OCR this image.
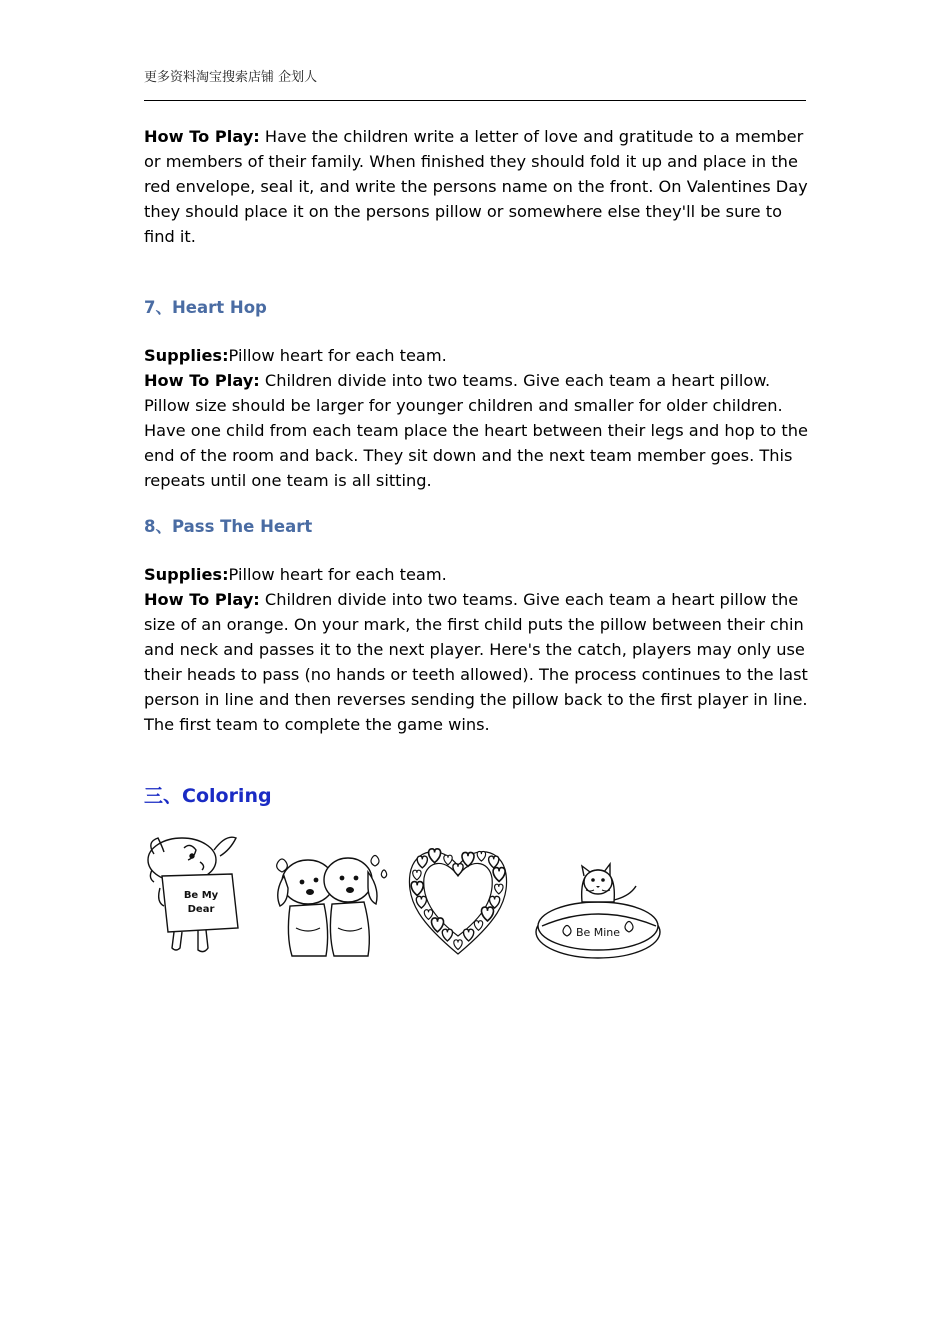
更多资料淘宝搜索店铺 企划人

How To Play: Have the children write a letter of love and gratitude to a member or members of their family. When finished they should fold it up and place in the red envelope, seal it, and write the persons name on the front. On Valentines Day they should place it on the persons pillow or somewhere else they'll be sure to find it.

7、Heart Hop

Supplies:Pillow heart for each team.
How To Play: Children divide into two teams. Give each team a heart pillow. Pillow size should be larger for younger children and smaller for older children. Have one child from each team place the heart between their legs and hop to the end of the room and back. They sit down and the next team member goes. This repeats until one team is all sitting.

8、Pass The Heart

Supplies:Pillow heart for each team.
How To Play: Children divide into two teams. Give each team a heart pillow the size of an orange. On your mark, the first child puts the pillow between their chin and neck and passes it to the next player. Here's the catch, players may only use their heads to pass (no hands or teeth allowed). The process continues to the last person in line and then reverses sending the pillow back to the first player in line. The first team to complete the game wins.

三、Coloring
Be My
Dear
Be Mine
